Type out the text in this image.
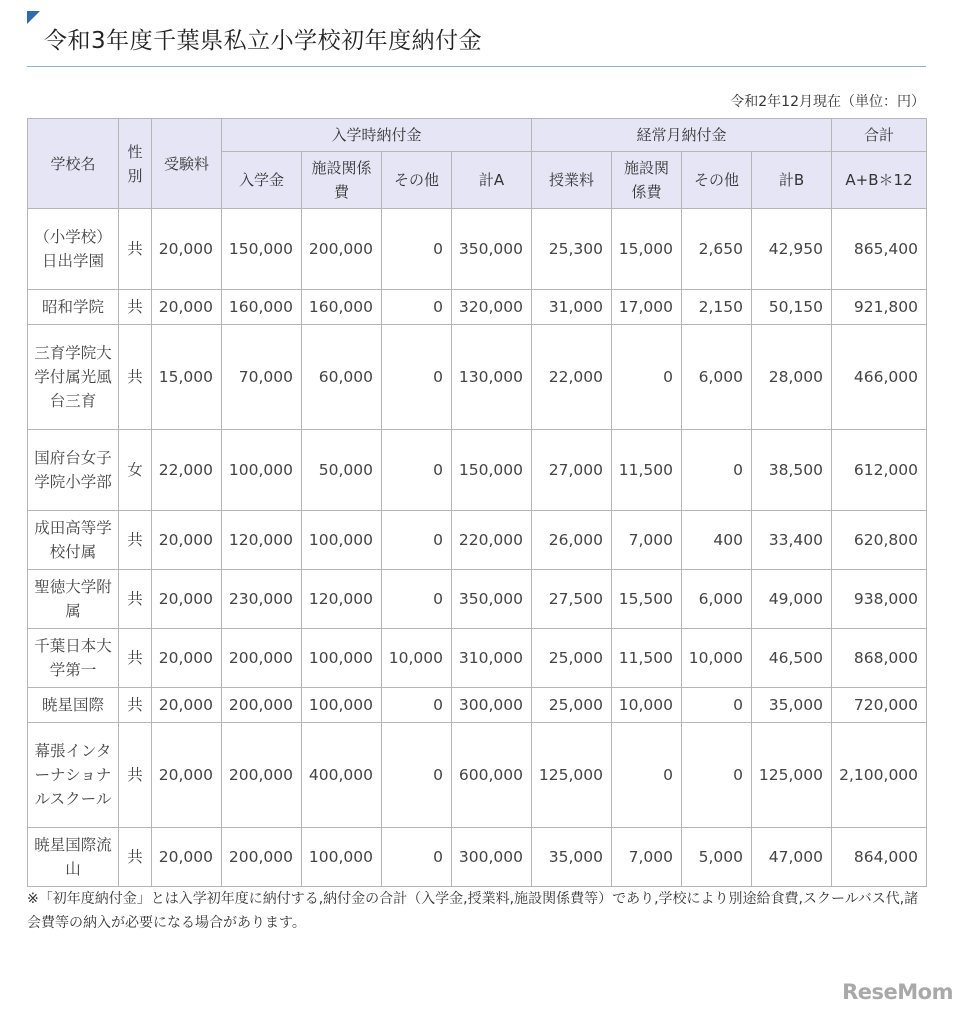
令和3年度千葉県私立小学校初年度納付金
令和2年12月現在（単位：円）
学校名	性別	受験料	入学時納付金				経常月納付金				合計
			入学金	施設関係費	その他	計A	授業料	施設関係費	その他	計B	A+B＊12
（小学校）日出学園	共	20,000	150,000	200,000	0	350,000	25,300	15,000	2,650	42,950	865,400
昭和学院	共	20,000	160,000	160,000	0	320,000	31,000	17,000	2,150	50,150	921,800
三育学院大学付属光風台三育	共	15,000	70,000	60,000	0	130,000	22,000	0	6,000	28,000	466,000
国府台女子学院小学部	女	22,000	100,000	50,000	0	150,000	27,000	11,500	0	38,500	612,000
成田高等学校付属	共	20,000	120,000	100,000	0	220,000	26,000	7,000	400	33,400	620,800
聖徳大学附属	共	20,000	230,000	120,000	0	350,000	27,500	15,500	6,000	49,000	938,000
千葉日本大学第一	共	20,000	200,000	100,000	10,000	310,000	25,000	11,500	10,000	46,500	868,000
暁星国際	共	20,000	200,000	100,000	0	300,000	25,000	10,000	0	35,000	720,000
幕張インターナショナルスクール	共	20,000	200,000	400,000	0	600,000	125,000	0	0	125,000	2,100,000
暁星国際流山	共	20,000	200,000	100,000	0	300,000	35,000	7,000	5,000	47,000	864,000
※「初年度納付金」とは入学初年度に納付する,納付金の合計（入学金,授業料,施設関係費等）であり,学校により別途給食費,スクールバス代,諸会費等の納入が必要になる場合があります。
ReseMom
